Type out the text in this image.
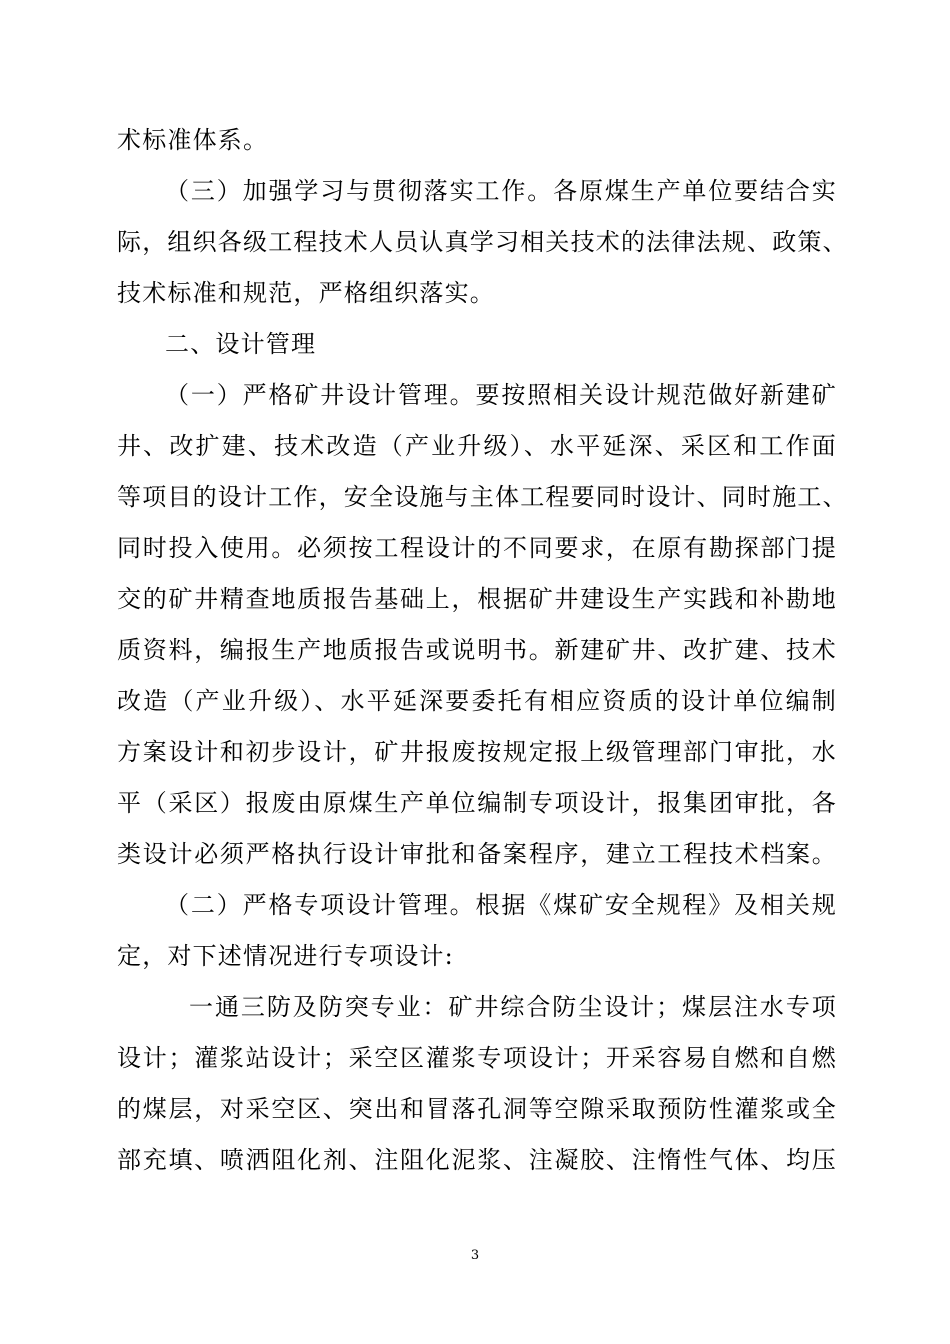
术标准体系。
（三）加强学习与贯彻落实工作。各原煤生产单位要结合实
际，组织各级工程技术人员认真学习相关技术的法律法规、政策、
技术标准和规范，严格组织落实。
二、设计管理
（一）严格矿井设计管理。要按照相关设计规范做好新建矿
井、改扩建、技术改造（产业升级）、水平延深、采区和工作面
等项目的设计工作，安全设施与主体工程要同时设计、同时施工、
同时投入使用。必须按工程设计的不同要求，在原有勘探部门提
交的矿井精查地质报告基础上，根据矿井建设生产实践和补勘地
质资料，编报生产地质报告或说明书。新建矿井、改扩建、技术
改造（产业升级）、水平延深要委托有相应资质的设计单位编制
方案设计和初步设计，矿井报废按规定报上级管理部门审批，水
平（采区）报废由原煤生产单位编制专项设计，报集团审批，各
类设计必须严格执行设计审批和备案程序，建立工程技术档案。
（二）严格专项设计管理。根据《煤矿安全规程》及相关规
定，对下述情况进行专项设计:
一通三防及防突专业：矿井综合防尘设计；煤层注水专项
设计；灌浆站设计；采空区灌浆专项设计；开采容易自燃和自燃
的煤层，对采空区、突出和冒落孔洞等空隙采取预防性灌浆或全
部充填、喷洒阻化剂、注阻化泥浆、注凝胶、注惰性气体、均压
3
